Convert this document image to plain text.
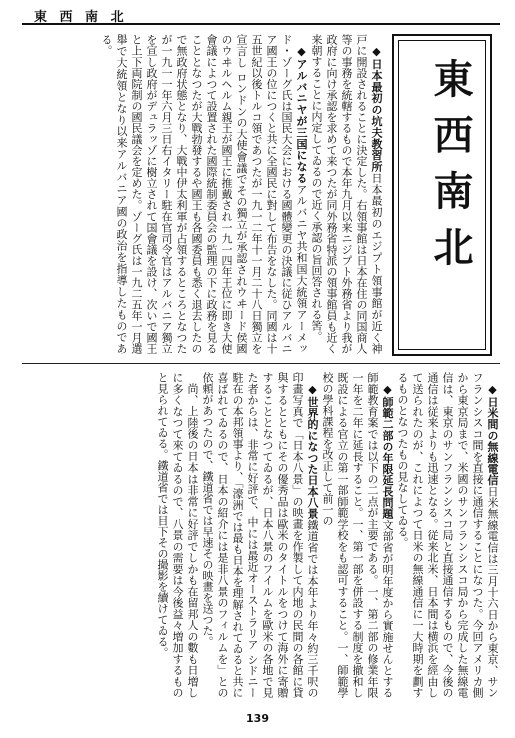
東 西 南 北
東西南北

◆日本最初の坑夫教習所日本最初のエジプト領事館が近く神戸に開設されることに決定した。右領事館は日本在住の同国商人等の事務を統轄するもので本年九月以来ニジプト外務省より我が政府に向け承認を求めて来つたが同外務省特派の領事館員も近く来朝することに内定してゐるので近く承認の旨回答される筈。

◆アルバニヤが三国になるアルバニヤ共和国大統領アーメッド・ゾーグ氏は国民大会における國體變更の決議に従ひアルバニア國王の位につくと共に全國民に對して布告をなした。同國は十五世紀以後トルコ領であつたが一九一二年十一月二十八日獨立を宣言し ロンドンの大使會議でその獨立が承認されウヰード侯國のウヰルヘルム親王が國王に推戴され一九一四年王位に即き大使會議によつて設置された國際統制委員会の監理の下に政務を見ることとなつたが大戰勃發するや國王も各國委員も悉く退去したので無政府状態となり、大戰中伊太利軍が占領するところとなつたが一九一一年六月三日右イタリー駐在官司令官はアルバニア獨立を宣し政府がデュラッゾに樹立されて国會議を設け、次いで國王と上下両院制の國民議会を定めた。ゾーグ氏は一九二五年一月選舉で大統領となり以来アルバニア國の政治を指導したものである。

◆日米間の無線電信日米無線電信は三月十六日から東京、サンフランシスコ間を直接に通信することになつた。今回アメリカ側から東京局まで、米國のサンフランシスコ局から完成した無線電信は、東京のサンフランシスコ局と直接通信するもので、今後の通信は従来よりも迅速となる。従来北米、日本間は横浜を經由して送られたのが、これによつて日米の無線通信に一大時期を劃するものとなつたもの見なしてゐる。

◆師範二部の年限延長問題文部省が明年度から實施せんとする師範教育案では以下の二点が主要である。一、第二部の修業年限一年を二年に延長すること。一、第一部を併設する制度を撤和し既設による官立の第一部師範学校をも認可すること。一、師範學校の學科課程を改正して前一の

◆世界的になつた日本八景鐵道省では本年より年々約三千呎の印畫写真で「日本八景」の映畫を作製して内地の民間の各館に貸與するとともにその優秀品は歐米のタイトルをつけて海外に寄贈することとなつてゐるが、日本八景のフイルムを歐米の各地で見た者からは、非常に好評で、中には最近オーストラリア シドニー駐在の本邦領事より、「濠洲では最も日本を理解されてゐると共に喜ばれてゐるので、日本の紹介には是非八景のフィルムを」との依頼があつたので、鐵道省では早速その映畫を送つた。

尚、上陸後の日本は非常に好評でしかも在留邦人の數も日増しに多くなつて來てゐるので、八景の需要は今後益々増加するものと見られてゐる。鐵道省では目下その撮影を續けてゐる。

139
